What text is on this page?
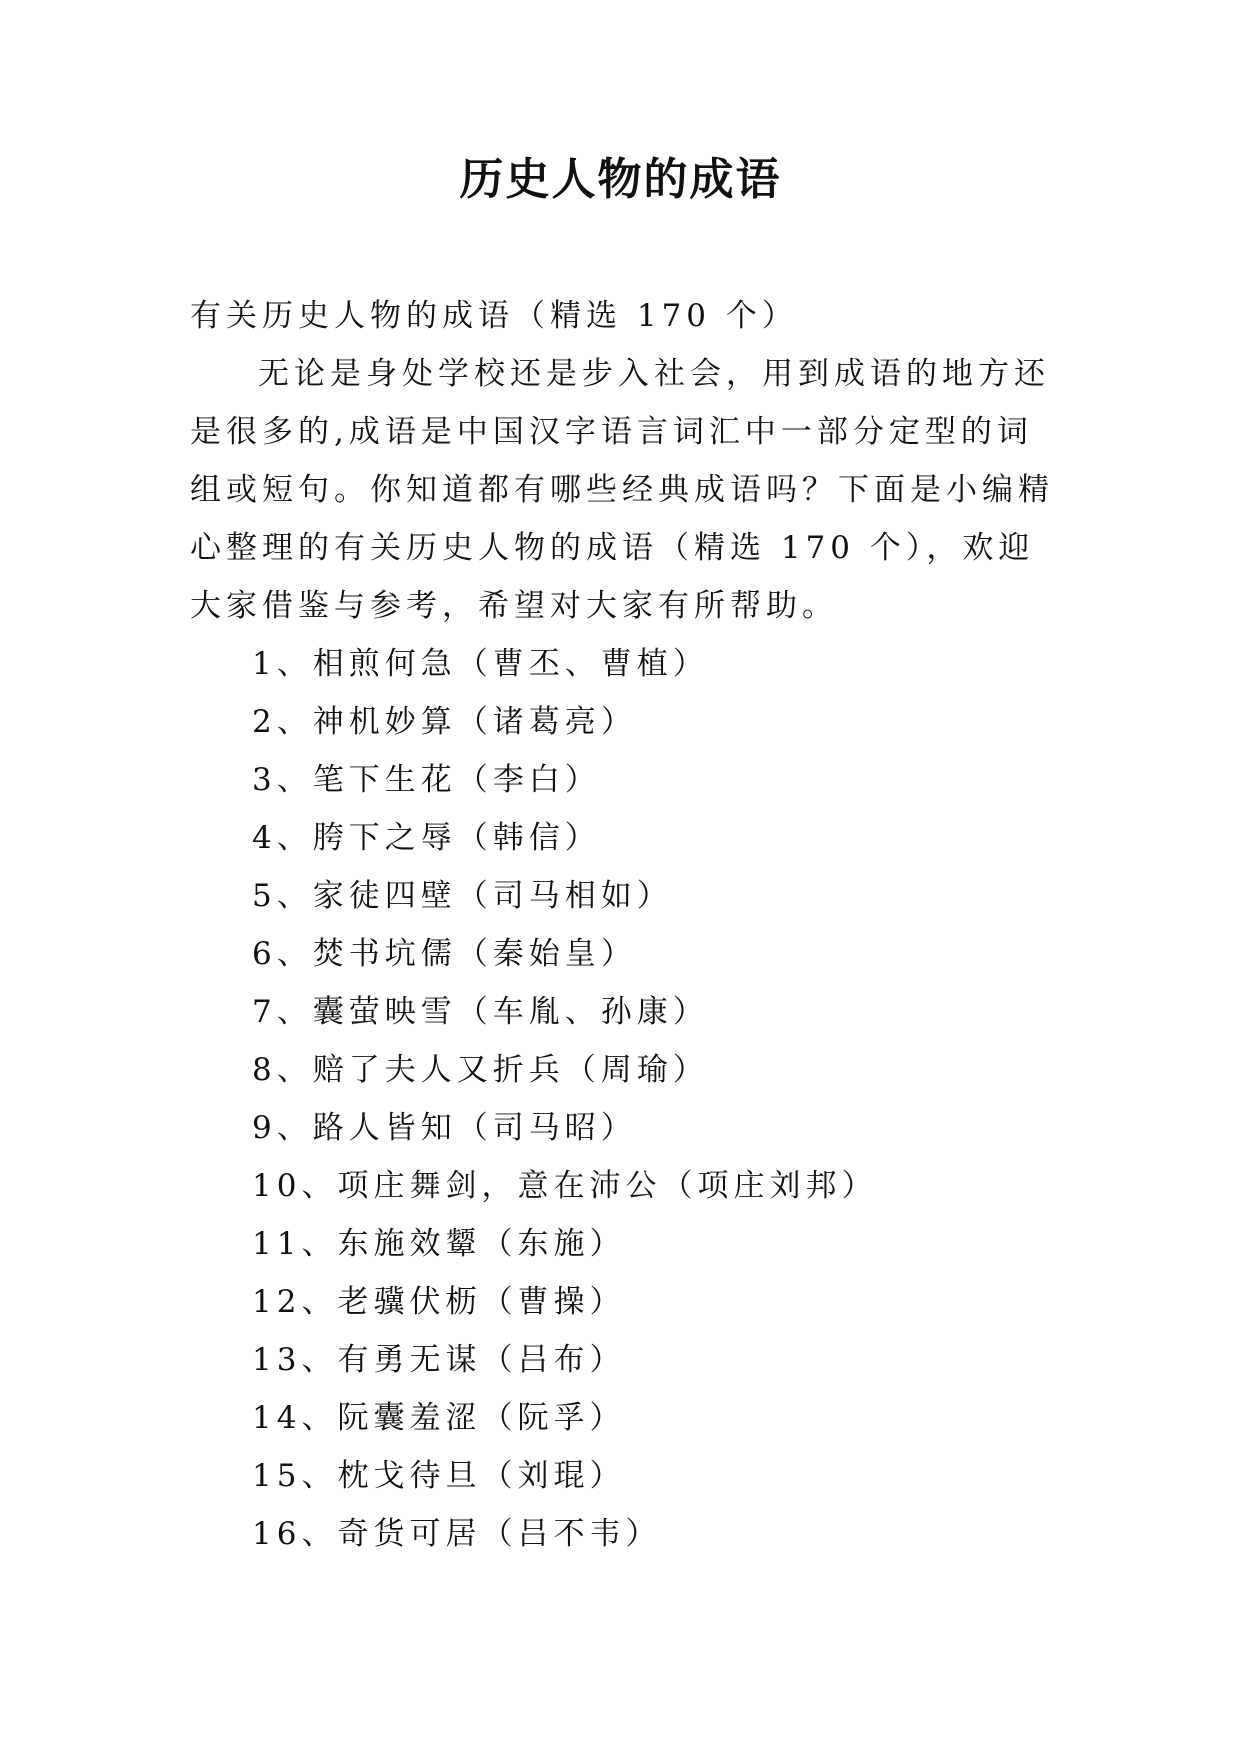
历史人物的成语
有关历史人物的成语（精选 170 个）

无论是身处学校还是步入社会，用到成语的地方还是很多的,成语是中国汉字语言词汇中一部分定型的词组或短句。你知道都有哪些经典成语吗？下面是小编精心整理的有关历史人物的成语（精选 170 个），欢迎大家借鉴与参考，希望对大家有所帮助。

1、相煎何急（曹丕、曹植）
2、神机妙算（诸葛亮）
3、笔下生花（李白）
4、胯下之辱（韩信）
5、家徒四壁（司马相如）
6、焚书坑儒（秦始皇）
7、囊萤映雪（车胤、孙康）
8、赔了夫人又折兵（周瑜）
9、路人皆知（司马昭）
10、项庄舞剑，意在沛公（项庄刘邦）
11、东施效颦（东施）
12、老骥伏枥（曹操）
13、有勇无谋（吕布）
14、阮囊羞涩（阮孚）
15、枕戈待旦（刘琨）
16、奇货可居（吕不韦）
